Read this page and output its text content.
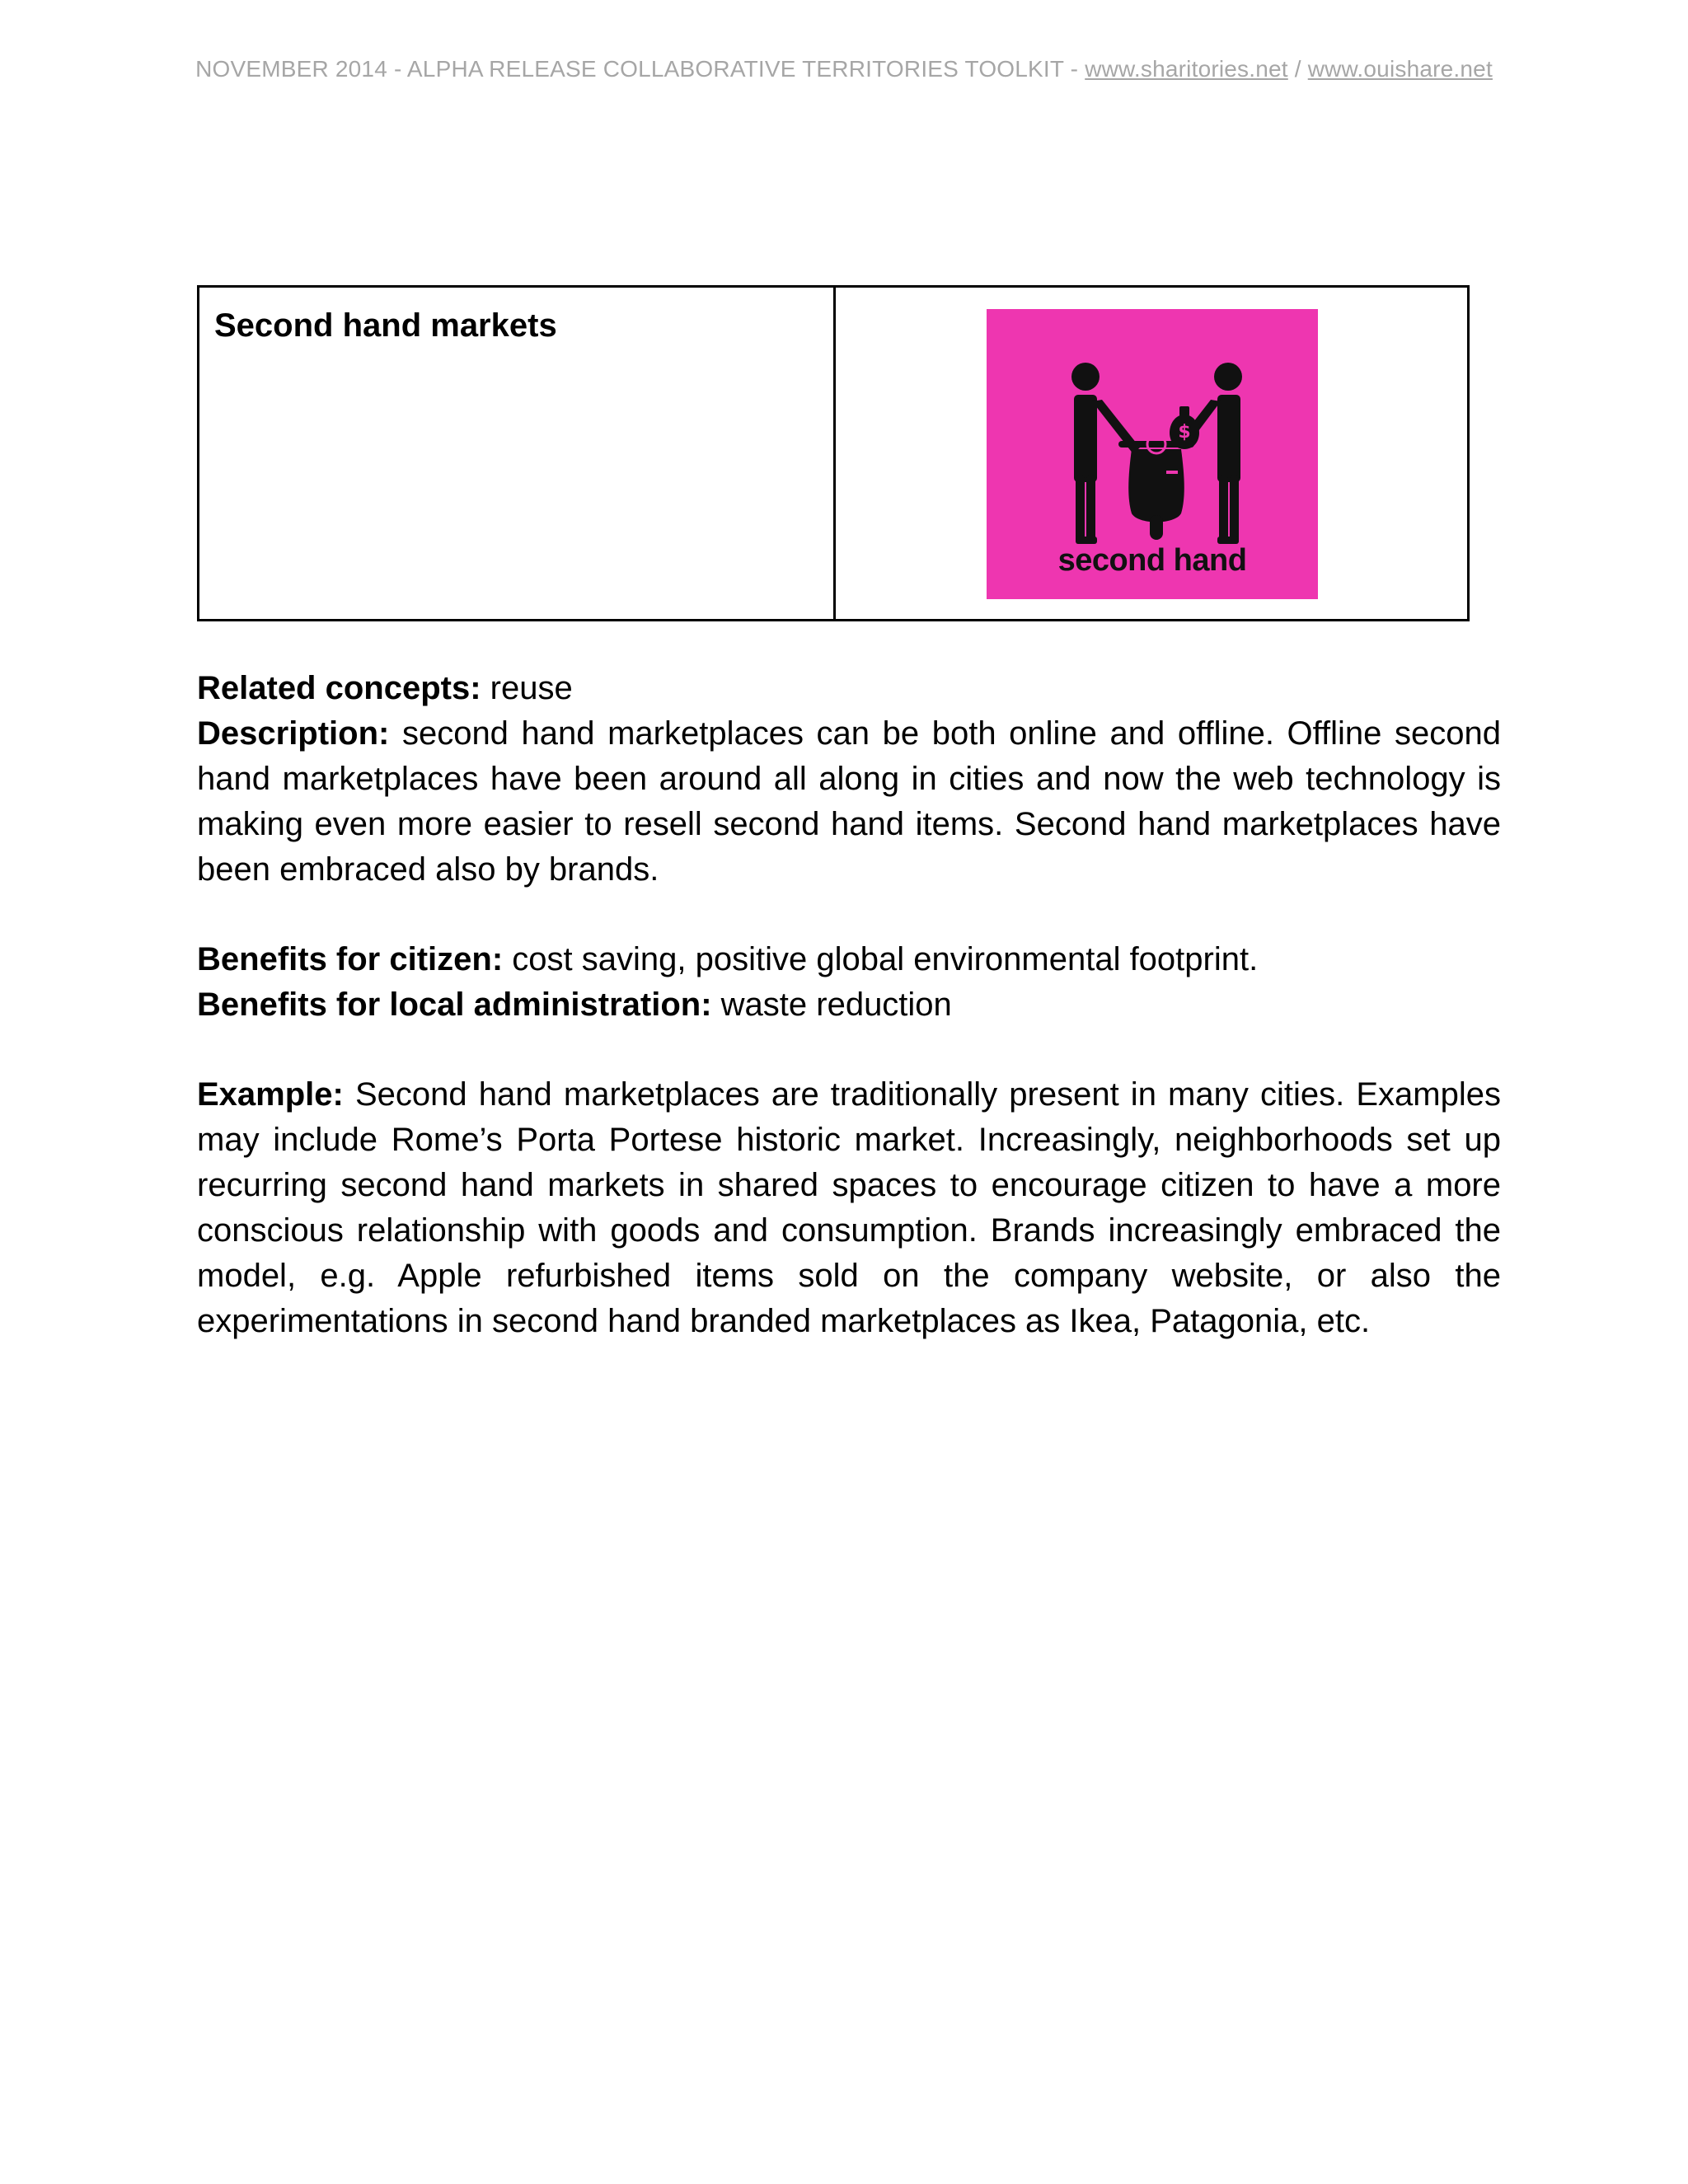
NOVEMBER 2014 - ALPHA RELEASE COLLABORATIVE TERRITORIES TOOLKIT - www.sharitories.net / www.ouishare.net

Second hand markets

$
second hand

Related concepts: reuse

Description: second hand marketplaces can be both online and offline. Offline second hand marketplaces have been around all along in cities and now the web technology is making even more easier to resell second hand items. Second hand marketplaces have been embraced also by brands.

Benefits for citizen: cost saving, positive global environmental footprint.

Benefits for local administration: waste reduction

Example: Second hand marketplaces are traditionally present in many cities. Examples may include Rome’s Porta Portese historic market. Increasingly, neighborhoods set up recurring second hand markets in shared spaces to encourage citizen to have a more conscious relationship with goods and consumption. Brands increasingly embraced the model, e.g. Apple refurbished items sold on the company website, or also the experimentations in second hand branded marketplaces as Ikea, Patagonia, etc.
